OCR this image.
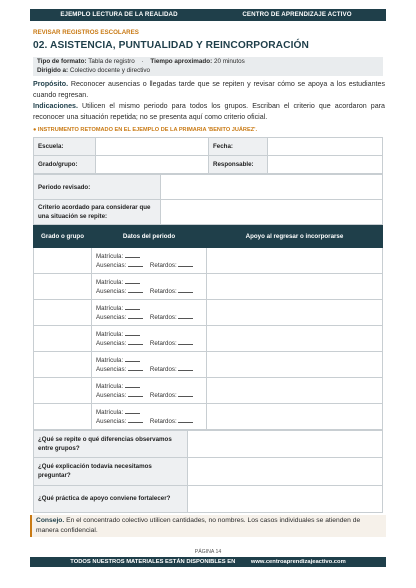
EJEMPLO LECTURA DE LA REALIDAD	CENTRO DE APRENDIZAJE ACTIVO
REVISAR REGISTROS ESCOLARES
02. ASISTENCIA, PUNTUALIDAD Y REINCORPORACIÓN
Tipo de formato: Tabla de registro · Tiempo aproximado: 20 minutos
Dirigido a: Colectivo docente y directivo
Propósito. Reconocer ausencias o llegadas tarde que se repiten y revisar cómo se apoya a los estudiantes cuando regresan.
Indicaciones. Utilicen el mismo periodo para todos los grupos. Escriban el criterio que acordaron para reconocer una situación repetida; no se presenta aquí como criterio oficial.
● INSTRUMENTO RETOMADO EN EL EJEMPLO DE LA PRIMARIA 'BENITO JUÁREZ'.
Escuela:		Fecha:	
Grado/grupo:		Responsable:	
Periodo revisado:	
Criterio acordado para considerar que una situación se repite:	
Grado o grupo	Datos del periodo	Apoyo al regresar o incorporarse

	Matrícula:
Ausencias: Retardos:	

	Matrícula:
Ausencias: Retardos:	

	Matrícula:
Ausencias: Retardos:	

	Matrícula:
Ausencias: Retardos:	

	Matrícula:
Ausencias: Retardos:	

	Matrícula:
Ausencias: Retardos:	

	Matrícula:
Ausencias: Retardos:	

¿Qué se repite o qué diferencias observamos entre grupos?	
¿Qué explicación todavía necesitamos preguntar?	
¿Qué práctica de apoyo conviene fortalecer?	
Consejo. En el concentrado colectivo utilicen cantidades, no nombres. Los casos individuales se atienden de manera confidencial.
PÁGINA 14
TODOS NUESTROS MATERIALES ESTÁN DISPONIBLES EN	www.centroaprendizajeactivo.com
